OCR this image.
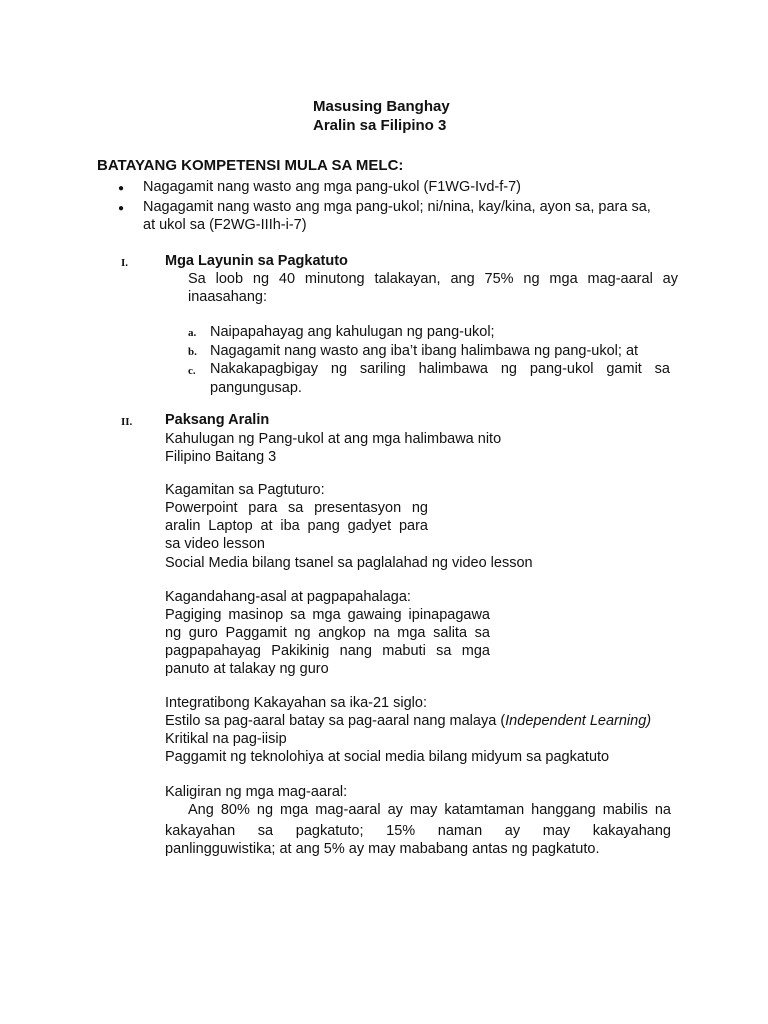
Masusing Banghay
Aralin sa Filipino 3
BATAYANG KOMPETENSI MULA SA MELC:
● Nagagamit nang wasto ang mga pang-ukol (F1WG-Ivd-f-7)
● Nagagamit nang wasto ang mga pang-ukol; ni/nina, kay/kina, ayon sa, para sa,
at ukol sa (F2WG-IIIh-i-7)
I.	Mga Layunin sa Pagkatuto
Sa loob ng 40 minutong talakayan, ang 75% ng mga mag-aaral ay
inaasahang:
a. Naipapahayag ang kahulugan ng pang-ukol;
b. Nagagamit nang wasto ang iba’t ibang halimbawa ng pang-ukol; at
c. Nakakapagbigay ng sariling halimbawa ng pang-ukol gamit sa
pangungusap.
II. Paksang Aralin
Kahulugan ng Pang-ukol at ang mga halimbawa nito
Filipino Baitang 3
Kagamitan sa Pagtuturo:
Powerpoint para sa presentasyon ng
aralin Laptop at iba pang gadyet para
sa video lesson
Social Media bilang tsanel sa paglalahad ng video lesson
Kagandahang-asal at pagpapahalaga:
Pagiging masinop sa mga gawaing ipinapagawa
ng guro Paggamit ng angkop na mga salita sa
pagpapahayag Pakikinig nang mabuti sa mga
panuto at talakay ng guro
Integratibong Kakayahan sa ika-21 siglo:
Estilo sa pag-aaral batay sa pag-aaral nang malaya (Independent Learning)
Kritikal na pag-iisip
Paggamit ng teknolohiya at social media bilang midyum sa pagkatuto
Kaligiran ng mga mag-aaral:
Ang 80% ng mga mag-aaral ay may katamtaman hanggang mabilis na
kakayahan sa pagkatuto; 15% naman ay may kakayahang
panlingguwistika; at ang 5% ay may mababang antas ng pagkatuto.
